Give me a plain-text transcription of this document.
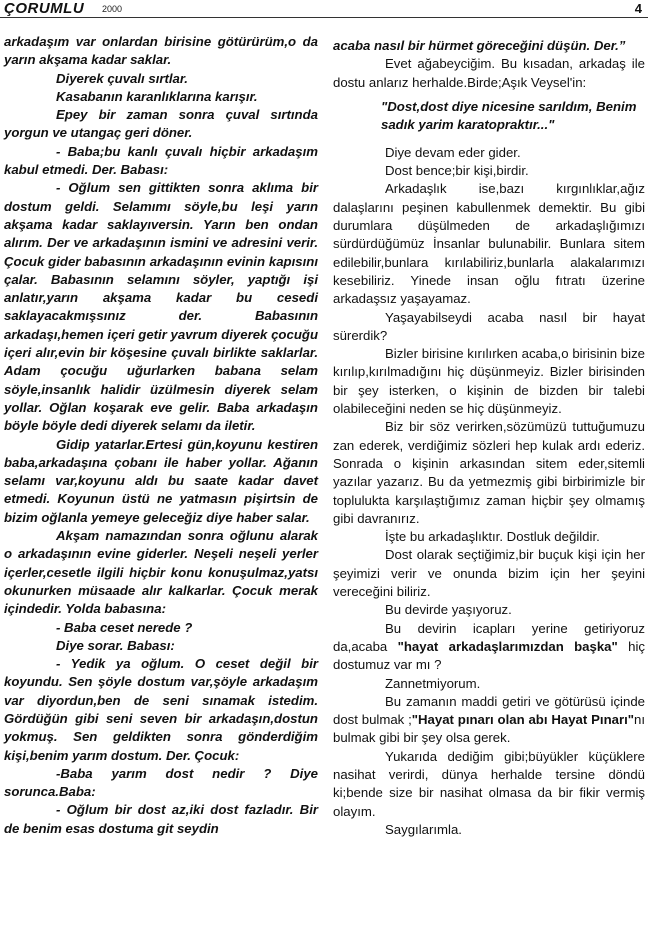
ÇORUMLU 2000	4

arkadaşım var onlardan birisine götürürüm,o da yarın akşama kadar saklar.

Diyerek çuvalı sırtlar.

Kasabanın karanlıklarına karışır.

Epey bir zaman sonra çuval sırtında yorgun ve utangaç geri döner.

- Baba;bu kanlı çuvalı hiçbir arkadaşım kabul etmedi. Der. Babası:

- Oğlum sen gittikten sonra aklıma bir dostum geldi. Selamımı söyle,bu leşi yarın akşama kadar saklayıversin. Yarın ben ondan alırım. Der ve arkadaşının ismini ve adresini verir. Çocuk gider babasının arkadaşının evinin kapısını çalar. Babasının selamını söyler, yaptığı işi anlatır,yarın akşama kadar bu cesedi saklayacakmışsınız der. Babasının arkadaşı,hemen içeri getir yavrum diyerek çocuğu içeri alır,evin bir köşesine çuvalı birlikte saklarlar. Adam çocuğu uğurlarken babana selam söyle,insanlık halidir üzülmesin diyerek selam yollar. Oğlan koşarak eve gelir. Baba arkadaşın böyle böyle dedi diyerek selamı da iletir.

Gidip yatarlar.Ertesi gün,koyunu kestiren baba,arkadaşına çobanı ile haber yollar. Ağanın selamı var,koyunu aldı bu saate kadar davet etmedi. Koyunun üstü ne yatmasın pişirtsin de bizim oğlanla yemeye geleceğiz diye haber salar.

Akşam namazından sonra oğlunu alarak o arkadaşının evine giderler. Neşeli neşeli yerler içerler,cesetle ilgili hiçbir konu konuşulmaz,yatsı okunurken müsaade alır kalkarlar. Çocuk merak içindedir. Yolda babasına:

- Baba ceset nerede ?

Diye sorar. Babası:

- Yedik ya oğlum. O ceset değil bir koyundu. Sen şöyle dostum var,şöyle arkadaşım var diyordun,ben de seni sınamak istedim. Gördüğün gibi seni seven bir arkadaşın,dostun yokmuş. Sen geldikten sonra gönderdiğim kişi,benim yarım dostum. Der. Çocuk:

-Baba yarım dost nedir ? Diye sorunca.Baba:

- Oğlum bir dost az,iki dost fazladır. Bir de benim esas dostuma git seydin

acaba nasıl bir hürmet göreceğini düşün. Der.”

Evet ağabeyciğim. Bu kısadan, arkadaş ile dostu anlarız herhalde.Birde;Aşık Veysel'in:

"Dost,dost diye nicesine sarıldım, Benim sadık yarim karatopraktır..."

Diye devam eder gider.

Dost bence;bir kişi,birdir.

Arkadaşlık ise,bazı kırgınlıklar,ağız dalaşlarını peşinen kabullenmek demektir. Bu gibi durumlara düşülmeden de arkadaşlığımızı sürdürdüğümüz İnsanlar bulunabilir. Bunlara sitem edilebilir,bunlara kırılabiliriz,bunlarla alakalarımızı kesebiliriz. Yinede insan oğlu fıtratı üzerine arkadaşsız yaşayamaz.

Yaşayabilseydi acaba nasıl bir hayat sürerdik?

Bizler birisine kırılırken acaba,o birisinin bize kırılıp,kırılmadığını hiç düşünmeyiz. Bizler birisinden bir şey isterken, o kişinin de bizden bir talebi olabileceğini neden se hiç düşünmeyiz.

Biz bir söz verirken,sözümüzü tuttuğumuzu zan ederek, verdiğimiz sözleri hep kulak ardı ederiz. Sonrada o kişinin arkasından sitem eder,sitemli yazılar yazarız. Bu da yetmezmiş gibi birbirimizle bir toplulukta karşılaştığımız zaman hiçbir şey olmamış gibi davranırız.

İşte bu arkadaşlıktır. Dostluk değildir.

Dost olarak seçtiğimiz,bir buçuk kişi için her şeyimizi verir ve onunda bizim için her şeyini vereceğini biliriz.

Bu devirde yaşıyoruz.

Bu devirin icapları yerine getiriyoruz da,acaba "hayat arkadaşlarımızdan başka" hiç dostumuz var mı ?

Zannetmiyorum.

Bu zamanın maddi getiri ve götürüsü içinde dost bulmak ;"Hayat pınarı olan abı Hayat Pınarı"nı bulmak gibi bir şey olsa gerek.

Yukarıda dediğim gibi;büyükler küçüklere nasihat verirdi, dünya herhalde tersine döndü ki;bende size bir nasihat olmasa da bir fikir vermiş olayım.

Saygılarımla.
